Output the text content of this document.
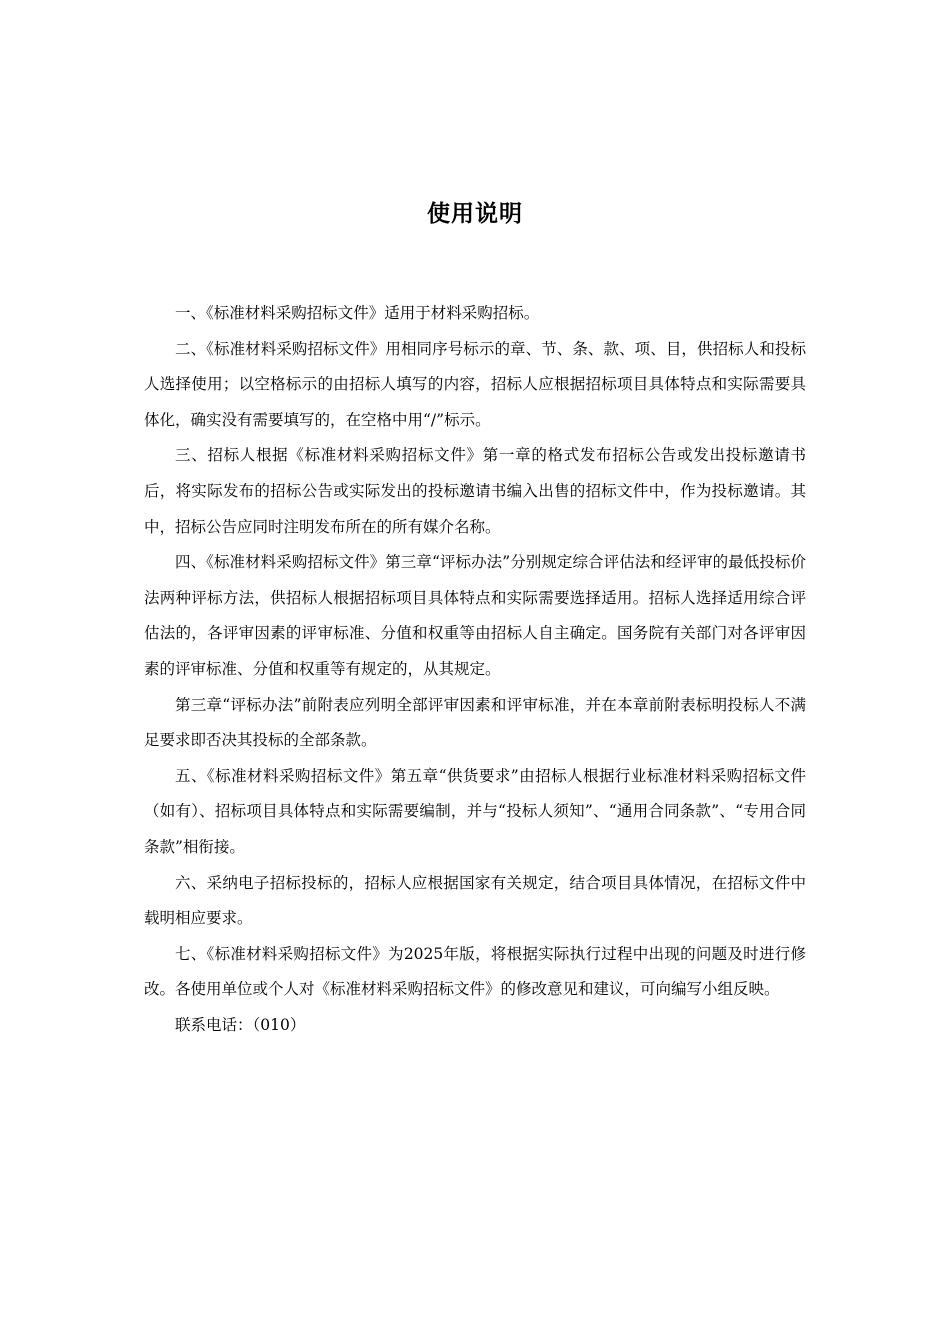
使用说明

一、《标准材料采购招标文件》适用于材料采购招标。

二、《标准材料采购招标文件》用相同序号标示的章、节、条、款、项、目，供招标人和投标人选择使用；以空格标示的由招标人填写的内容，招标人应根据招标项目具体特点和实际需要具体化，确实没有需要填写的，在空格中用“/”标示。

三、招标人根据《标准材料采购招标文件》第一章的格式发布招标公告或发出投标邀请书后，将实际发布的招标公告或实际发出的投标邀请书编入出售的招标文件中，作为投标邀请。其中，招标公告应同时注明发布所在的所有媒介名称。

四、《标准材料采购招标文件》第三章“评标办法”分别规定综合评估法和经评审的最低投标价法两种评标方法，供招标人根据招标项目具体特点和实际需要选择适用。招标人选择适用综合评估法的，各评审因素的评审标准、分值和权重等由招标人自主确定。国务院有关部门对各评审因素的评审标准、分值和权重等有规定的，从其规定。

第三章“评标办法”前附表应列明全部评审因素和评审标准，并在本章前附表标明投标人不满足要求即否决其投标的全部条款。

五、《标准材料采购招标文件》第五章“供货要求”由招标人根据行业标准材料采购招标文件（如有）、招标项目具体特点和实际需要编制，并与“投标人须知”、“通用合同条款”、“专用合同条款”相衔接。

六、采纳电子招标投标的，招标人应根据国家有关规定，结合项目具体情况，在招标文件中载明相应要求。

七、《标准材料采购招标文件》为2025年版，将根据实际执行过程中出现的问题及时进行修改。各使用单位或个人对《标准材料采购招标文件》的修改意见和建议，可向编写小组反映。

联系电话：（010）
